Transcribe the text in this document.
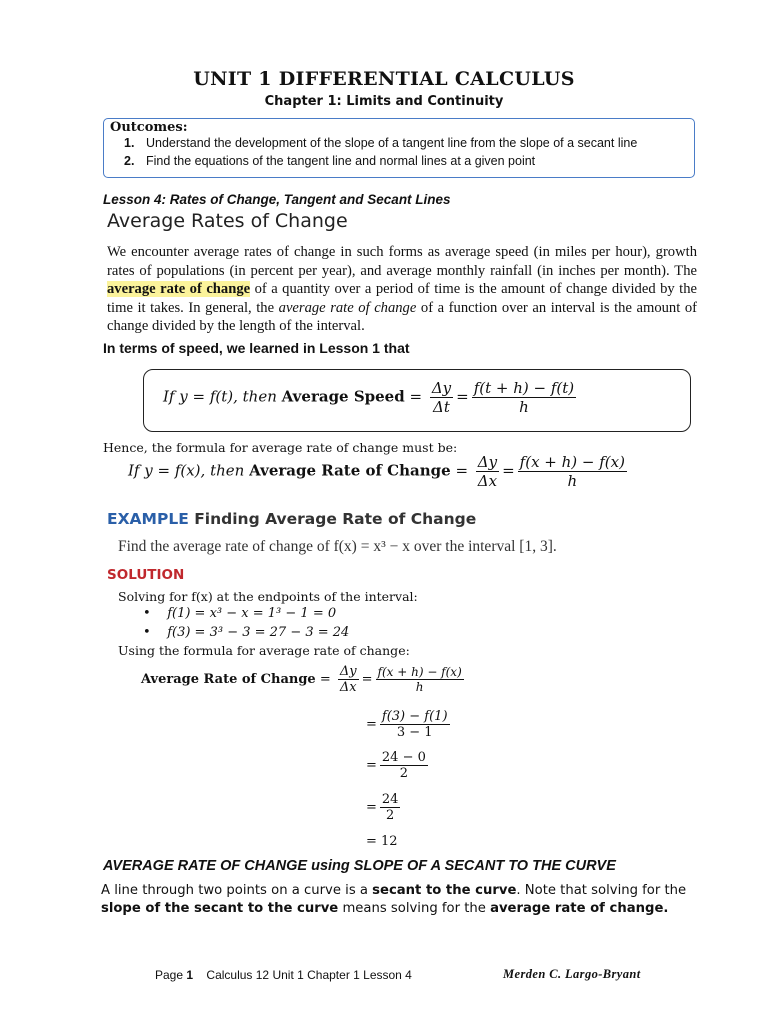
UNIT 1 DIFFERENTIAL CALCULUS
Chapter 1: Limits and Continuity
Outcomes:
1. Understand the development of the slope of a tangent line from the slope of a secant line
2. Find the equations of the tangent line and normal lines at a given point
Lesson 4: Rates of Change, Tangent and Secant Lines
Average Rates of Change
We encounter average rates of change in such forms as average speed (in miles per hour), growth rates of populations (in percent per year), and average monthly rainfall (in inches per month). The average rate of change of a quantity over a period of time is the amount of change divided by the time it takes. In general, the average rate of change of a function over an interval is the amount of change divided by the length of the interval.
In terms of speed, we learned in Lesson 1 that
If y = f(t), then Average Speed = $\frac{\Delta y}{\Delta t} = \frac{f(t + h) - f(t)}{h}$
Hence, the formula for average rate of change must be:
If y = f(x), then Average Rate of Change = $\frac{\Delta y}{\Delta x} = \frac{f(x + h) - f(x)}{h}$
EXAMPLE Finding Average Rate of Change
Find the average rate of change of f(x) = x³ − x over the interval [1, 3].
SOLUTION
Solving for f(x) at the endpoints of the interval:
•    f(1) = x³ − x = 1³ − 1 = 0
•    f(3) = 3³ − 3 = 27 − 3 = 24
Using the formula for average rate of change:
Average Rate of Change = $\frac{\Delta y}{\Delta x} = \frac{f(x + h) - f(x)}{h}$
= $\frac{f(3) - f(1)}{3 - 1}$
= $\frac{24 - 0}{2}$
= $\frac{24}{2}$
= 12
AVERAGE RATE OF CHANGE using SLOPE OF A SECANT TO THE CURVE
A line through two points on a curve is a secant to the curve. Note that solving for the slope of the secant to the curve means solving for the average rate of change.
Page 1 Calculus 12 Unit 1 Chapter 1 Lesson 4	Merden C. Largo-Bryant
